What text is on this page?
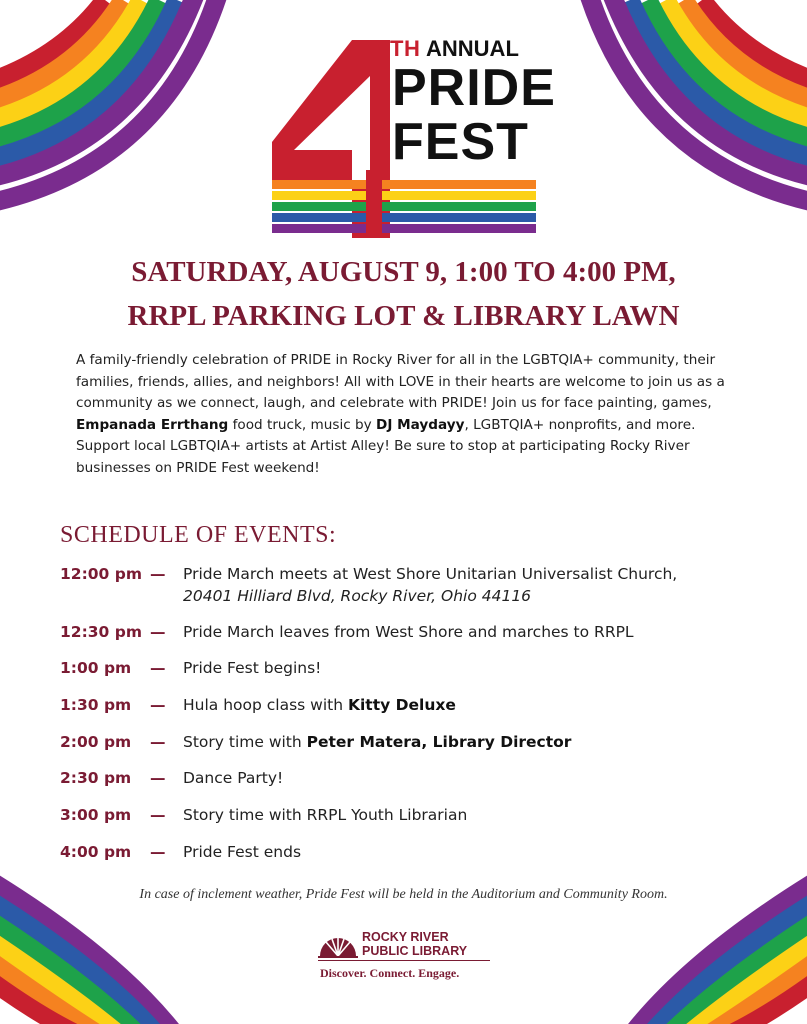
TH ANNUAL
PRIDE
FEST
SATURDAY, AUGUST 9, 1:00 TO 4:00 PM,
RRPL PARKING LOT & LIBRARY LAWN
A family-friendly celebration of PRIDE in Rocky River for all in the LGBTQIA+ community, their families, friends, allies, and neighbors! All with LOVE in their hearts are welcome to join us as a community as we connect, laugh, and celebrate with PRIDE! Join us for face painting, games, Empanada Errthang food truck, music by DJ Maydayy, LGBTQIA+ nonprofits, and more. Support local LGBTQIA+ artists at Artist Alley! Be sure to stop at participating Rocky River businesses on PRIDE Fest weekend!
SCHEDULE OF EVENTS:
12:00 pm — Pride March meets at West Shore Unitarian Universalist Church,
20401 Hilliard Blvd, Rocky River, Ohio 44116
12:30 pm — Pride March leaves from West Shore and marches to RRPL
1:00 pm	— Pride Fest begins!
1:30 pm	— Hula hoop class with Kitty Deluxe
2:00 pm	— Story time with Peter Matera, Library Director
2:30 pm	— Dance Party!
3:00 pm	— Story time with RRPL Youth Librarian
4:00 pm	— Pride Fest ends
In case of inclement weather, Pride Fest will be held in the Auditorium and Community Room.
ROCKY RIVER
PUBLIC LIBRARY
Discover. Connect. Engage.
